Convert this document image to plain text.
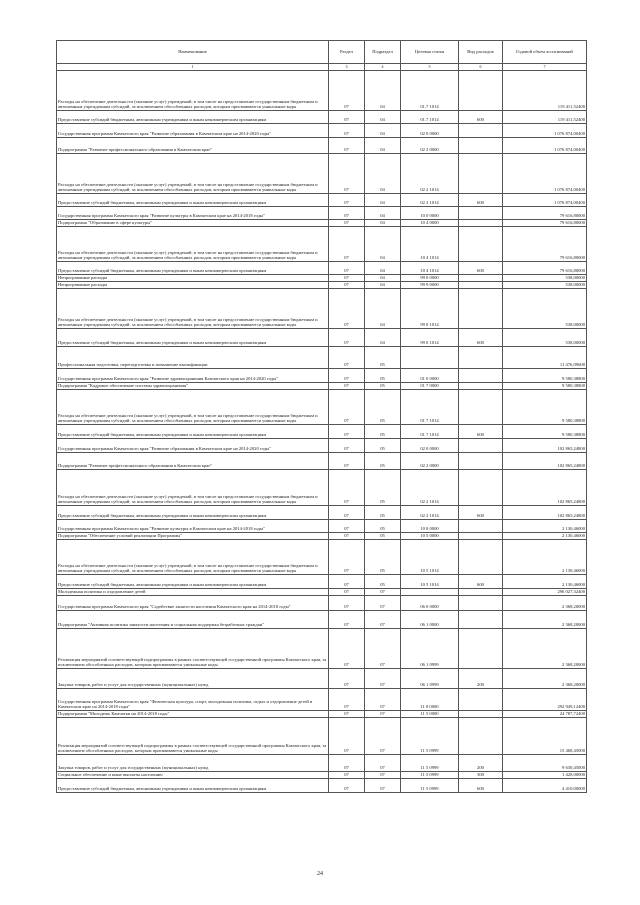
Наименование	Раздел	Подраздел	Целевая статья	Вид расходов	Годовой объем ассигнований
1	3	4	5	6	7
Расходы на обеспечение деятельности (оказание услуг) учреждений, в том числе на предоставление государственным бюджетным и автономным учреждениям субсидий, за исключением обособленных расходов, которым присваиваются уникальные коды	07	04	01.7 1014		119 411,52400
Предоставление субсидий бюджетным, автономным учреждениям и иным некоммерческим организациям	07	04	01.7 1014	600	119 411,52400
Государственная программа Камчатского края "Развитие образования в Камчатском крае на 2014-2020 годы"	07	04	02 0 0000		1 076 874,00400
Подпрограмма "Развитие профессионального образования в Камчатском крае"	07	04	02 2 0000		1 076 874,00400
Расходы на обеспечение деятельности (оказание услуг) учреждений, в том числе на предоставление государственным бюджетным и автономным учреждениям субсидий, за исключением обособленных расходов, которым присваиваются уникальные коды	07	04	02 2 1014		1 076 874,00400
Предоставление субсидий бюджетным, автономным учреждениям и иным некоммерческим организациям	07	04	02 2 1014	600	1 076 874,00400
Государственная программа Камчатского края "Развитие культуры в Камчатском крае на 2014-2018 годы"	07	04	10 0 0000		79 616,80000
Подпрограмма "Образование в сфере культуры"	07	04	10 4 0000		79 616,80000
Расходы на обеспечение деятельности (оказание услуг) учреждений, в том числе на предоставление государственным бюджетным и автономным учреждениям субсидий, за исключением обособленных расходов, которым присваиваются уникальные коды	07	04	10 4 1014		79 616,80000
Предоставление субсидий бюджетным, автономным учреждениям и иным некоммерческим организациям	07	04	10 4 1014	600	79 616,80000
Непрограммные расходы	07	04	99 0 0000		538,00000
Непрограммные расходы	07	04	99 9 0000		538,00000
Расходы на обеспечение деятельности (оказание услуг) учреждений, в том числе на предоставление государственным бюджетным и автономным учреждениям субсидий, за исключением обособленных расходов, которым присваиваются уникальные коды	07	04	99 0 1014		538,00000
Предоставление субсидий бюджетным, автономным учреждениям и иным некоммерческим организациям	07	04	99 0 1014	600	538,00000
Профессиональная подготовка, переподготовка и повышение квалификации	07	05			11 476,09600
Государственная программа Камчатского края "Развитие здравоохранения Камчатского края на 2014-2020 годы"	07	05	01 0 0000		9 580,38800
Подпрограмма "Кадровое обеспечение системы здравоохранения"	07	05	01 7 0000		9 580,38800
Расходы на обеспечение деятельности (оказание услуг) учреждений, в том числе на предоставление государственным бюджетным и автономным учреждениям субсидий, за исключением обособленных расходов, которым присваиваются уникальные коды	07	05	01 7 1014		9 580,38800
Предоставление субсидий бюджетным, автономным учреждениям и иным некоммерческим организациям	07	05	01 7 1014	600	9 580,38800
Государственная программа Камчатского края "Развитие образования в Камчатском крае на 2014-2020 годы"	07	05	02 0 0000		102 865,24800
Подпрограмма "Развитие профессионального образования в Камчатском крае"	07	05	02 2 0000		102 865,24800
Расходы на обеспечение деятельности (оказание услуг) учреждений, в том числе на предоставление государственным бюджетным и автономным учреждениям субсидий, за исключением обособленных расходов, которым присваиваются уникальные коды	07	05	02 2 1014		102 865,24800
Предоставление субсидий бюджетным, автономным учреждениям и иным некоммерческим организациям	07	05	02 2 1014	600	102 865,24800
Государственная программа Камчатского края "Развитие культуры в Камчатском крае на 2014-2018 годы"	07	05	10 0 0000		2 130,46000
Подпрограмма "Обеспечение условий реализации Программы"	07	05	10 5 0000		2 130,46000
Расходы на обеспечение деятельности (оказание услуг) учреждений, в том числе на предоставление государственным бюджетным и автономным учреждениям субсидий, за исключением обособленных расходов, которым присваиваются уникальные коды	07	05	10 5 1014		2 130,46000
Предоставление субсидий бюджетным, автономным учреждениям и иным некоммерческим организациям	07	05	10 5 1014	600	2 130,46000
Молодежная политика и оздоровление детей	07	07			296 027,32400
Государственная программа Камчатского края "Содействие занятости населения Камчатского края на 2014-2018 годы"	07	07	06 0 0000		2 368,20000
Подпрограмма "Активная политика занятости населения и социальная поддержка безработных граждан"	07	07	06 1 0000		2 368,20000
Реализация мероприятий соответствующей подпрограммы в рамках соответствующей государственной программы Камчатского края, за исключением обособленных расходов, которым присваиваются уникальные коды	07	07	06 1 0999		2 368,20000
Закупка товаров, работ и услуг для государственных (муниципальных) нужд	07	07	06 1 0999	200	2 368,20000
Государственная программа Камчатского края "Физическая культура, спорт, молодежная политика, отдых и оздоровление детей в Камчатском крае на 2014-2018 годы"	07	07	11 0 0000		292 949,12400
Подпрограмма "Молодежь Камчатки на 2014-2018 годы"	07	07	11 5 0000		24 787,72400
Реализация мероприятий соответствующей подпрограммы в рамках соответствующей государственной программы Камчатского края, за исключением обособленных расходов, которым присваиваются уникальные коды	07	07	11 5 0999		15 468,45000
Закупка товаров, работ и услуг для государственных (муниципальных) нужд	07	07	11 5 0999	200	9 630,45000
Социальное обеспечение и иные выплаты населению	07	07	11 5 0999	300	1 428,00000
Предоставление субсидий бюджетным, автономным учреждениям и иным некоммерческим организациям	07	07	11 5 0999	600	4 410,00000
24
